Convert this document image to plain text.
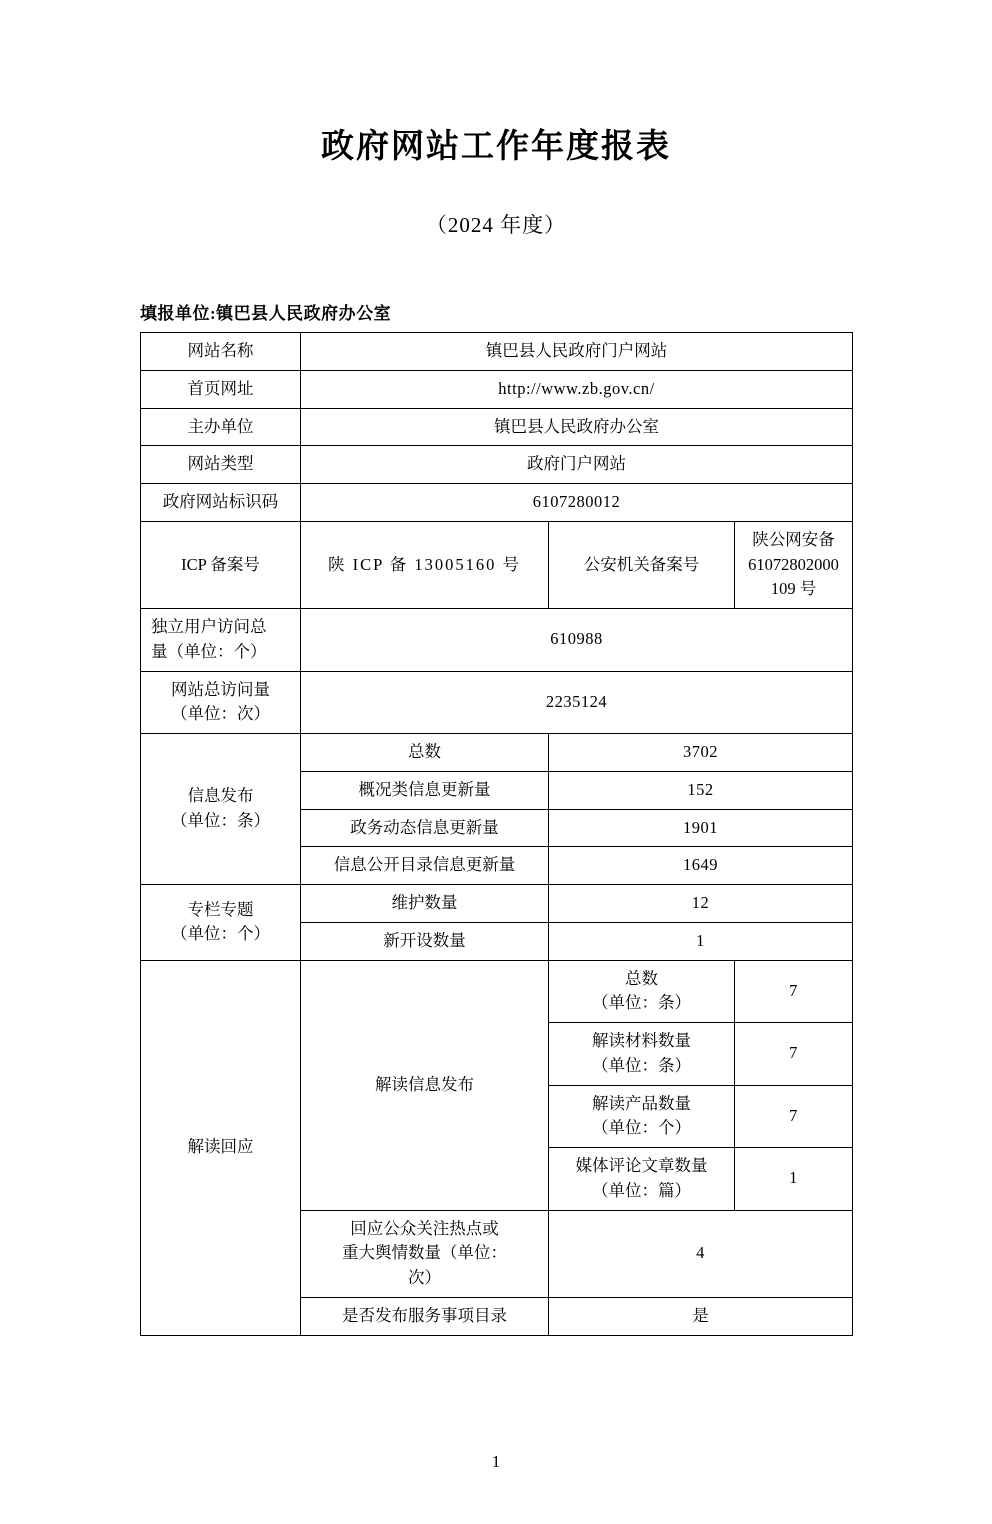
政府网站工作年度报表
（2024 年度）
填报单位:镇巴县人民政府办公室
网站名称	镇巴县人民政府门户网站		
首页网址	http://www.zb.gov.cn/		
主办单位	镇巴县人民政府办公室		
网站类型	政府门户网站		
政府网站标识码	6107280012		
ICP 备案号	陕 ICP 备 13005160 号	公安机关备案号	陕公网安备
61072802000
109 号

独立用户访问总
量（单位：个）	610988		

网站总访问量
（单位：次）	2235124		

信息发布
（单位：条）	总数	3702	
	概况类信息更新量	152	
	政务动态信息更新量	1901	
	信息公开目录信息更新量	1649	

专栏专题
（单位：个）	维护数量	12	
	新开设数量	1	
解读回应	解读信息发布	总数
（单位：条）	7

		解读材料数量
（单位：条）	7

		解读产品数量
（单位：个）	7

		媒体评论文章数量
（单位：篇）	1

	回应公众关注热点或
重大舆情数量（单位：
次）	4	
	是否发布服务事项目录	是	
1
